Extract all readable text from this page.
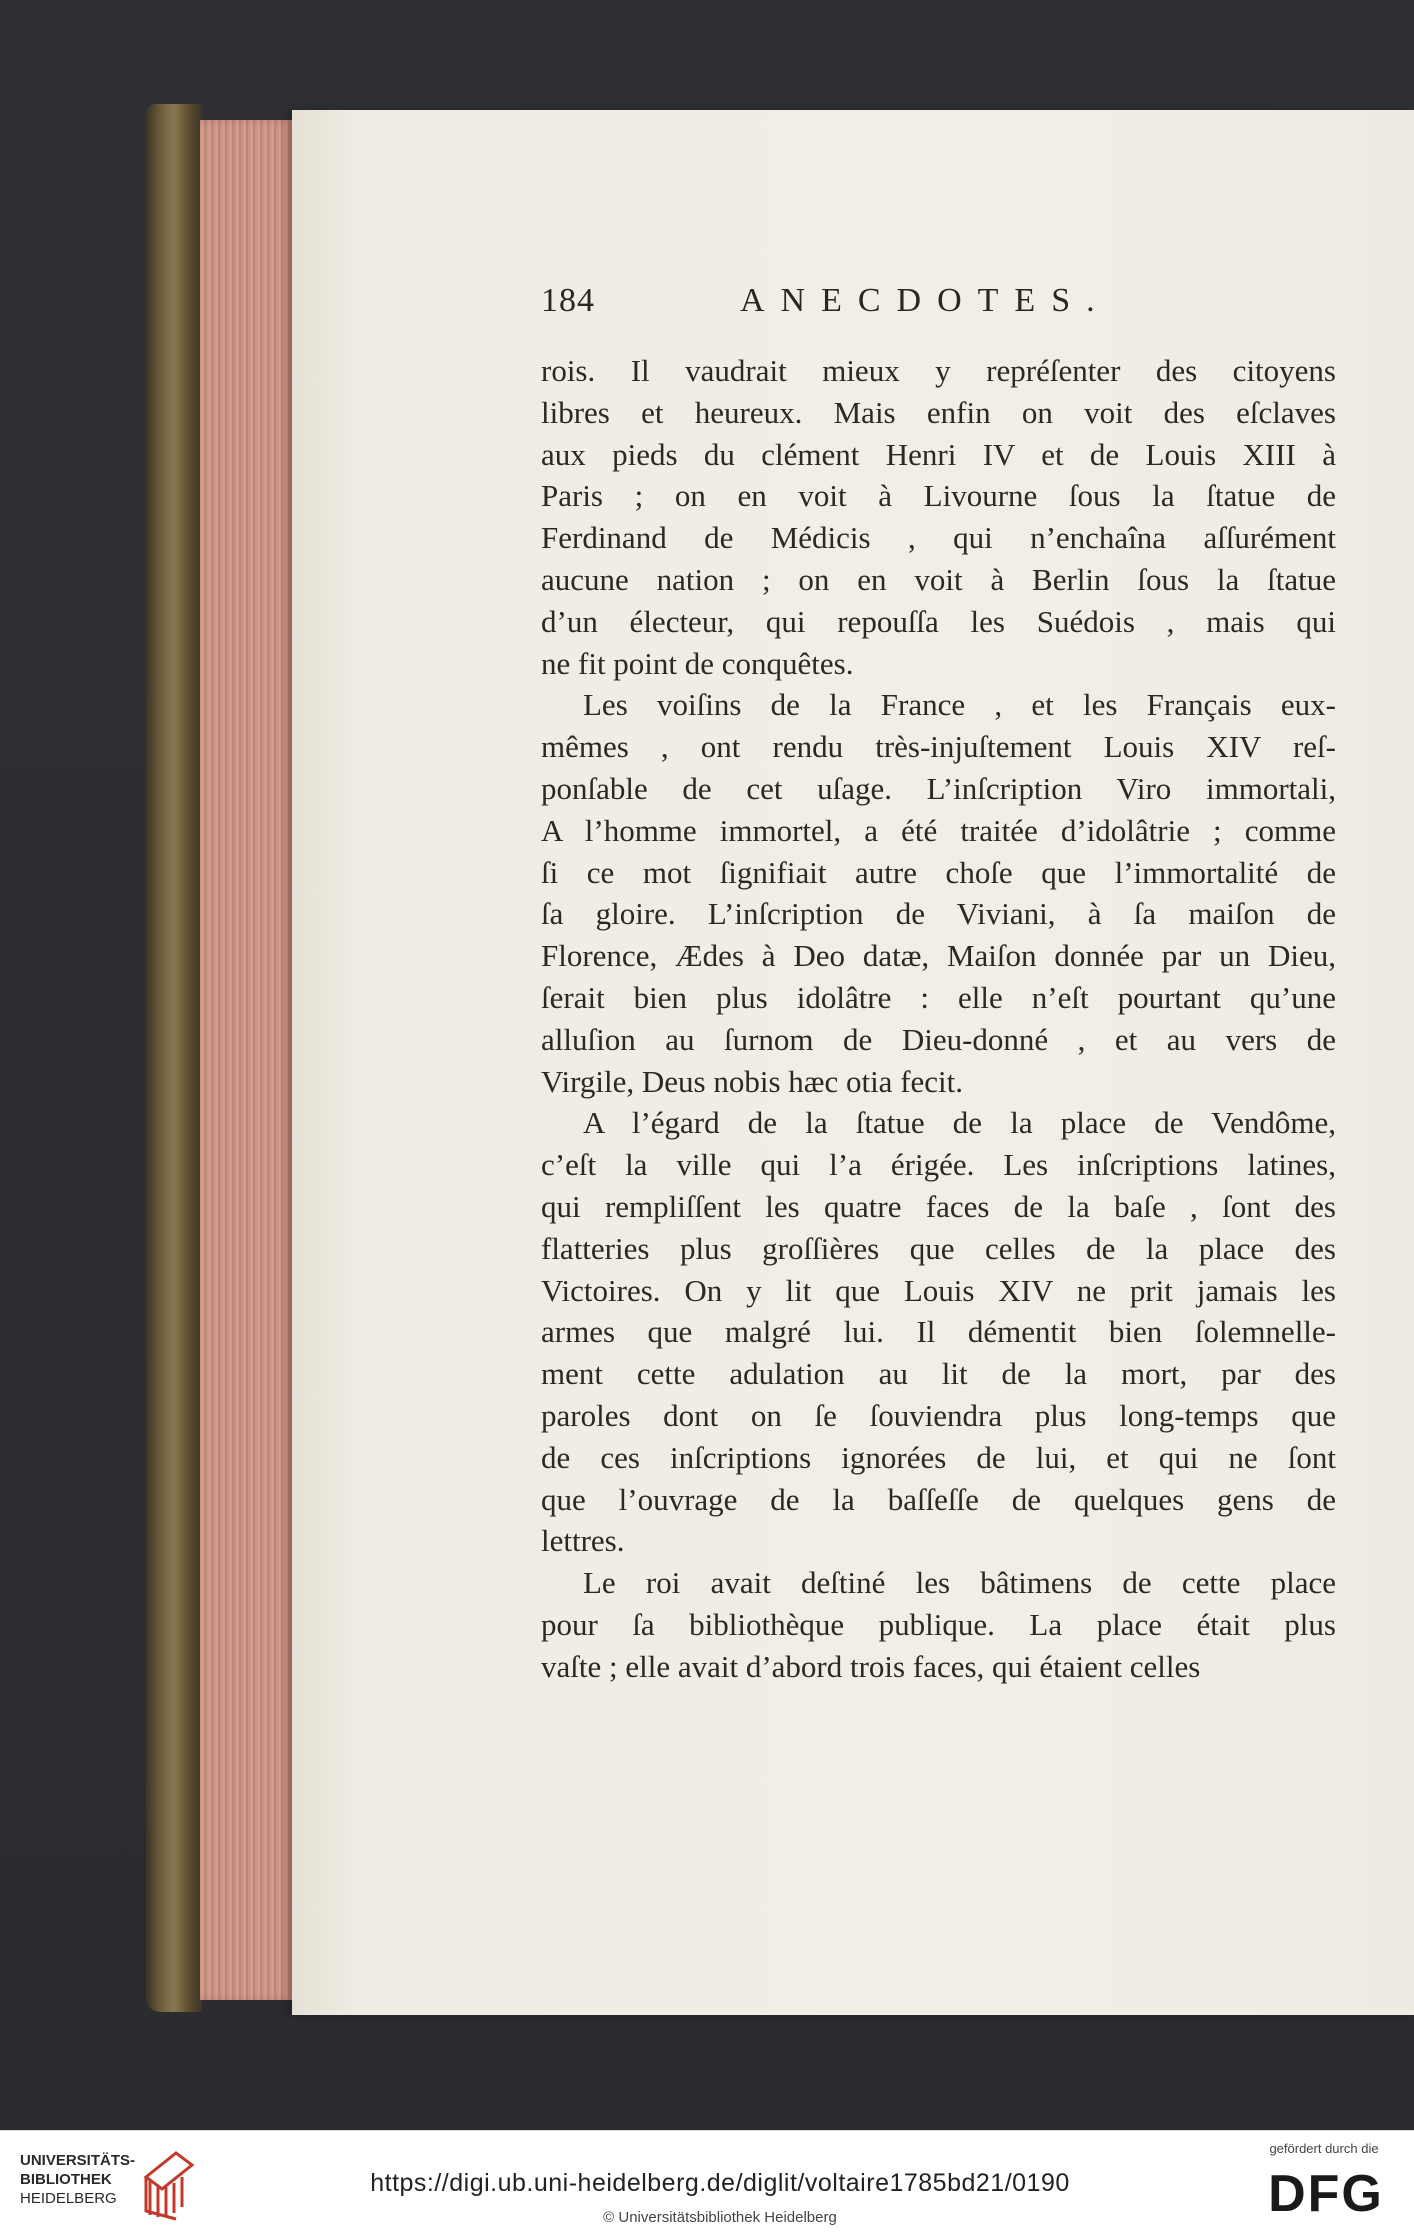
184	ANECDOTES.
rois. Il vaudrait mieux y repréſenter des citoyens
libres et heureux. Mais enfin on voit des eſclaves
aux pieds du clément Henri IV et de Louis XIII à
Paris ; on en voit à Livourne ſous la ſtatue de
Ferdinand de Médicis , qui n’enchaîna aſſurément
aucune nation ; on en voit à Berlin ſous la ſtatue
d’un électeur, qui repouſſa les Suédois , mais qui
ne fit point de conquêtes.
Les voiſins de la France , et les Français eux-
mêmes , ont rendu très-injuſtement Louis XIV reſ-
ponſable de cet uſage. L’inſcription Viro immortali,
A l’homme immortel, a été traitée d’idolâtrie ; comme
ſi ce mot ſignifiait autre choſe que l’immortalité de
ſa gloire. L’inſcription de Viviani, à ſa maiſon de
Florence, Ædes à Deo datæ, Maiſon donnée par un Dieu,
ſerait bien plus idolâtre : elle n’eſt pourtant qu’une
alluſion au ſurnom de Dieu-donné , et au vers de
Virgile, Deus nobis hæc otia fecit.
A l’égard de la ſtatue de la place de Vendôme,
c’eſt la ville qui l’a érigée. Les inſcriptions latines,
qui rempliſſent les quatre faces de la baſe , ſont des
flatteries plus groſſières que celles de la place des
Victoires. On y lit que Louis XIV ne prit jamais les
armes que malgré lui. Il démentit bien ſolemnelle-
ment cette adulation au lit de la mort, par des
paroles dont on ſe ſouviendra plus long-temps que
de ces inſcriptions ignorées de lui, et qui ne ſont
que l’ouvrage de la baſſeſſe de quelques gens de
lettres.
Le roi avait deſtiné les bâtimens de cette place
pour ſa bibliothèque publique. La place était plus
vaſte ; elle avait d’abord trois faces, qui étaient celles
UNIVERSITÄTS-
BIBLIOTHEK
HEIDELBERG
https://digi.ub.uni-heidelberg.de/diglit/voltaire1785bd21/0190
© Universitätsbibliothek Heidelberg
gefördert durch die
DFG
